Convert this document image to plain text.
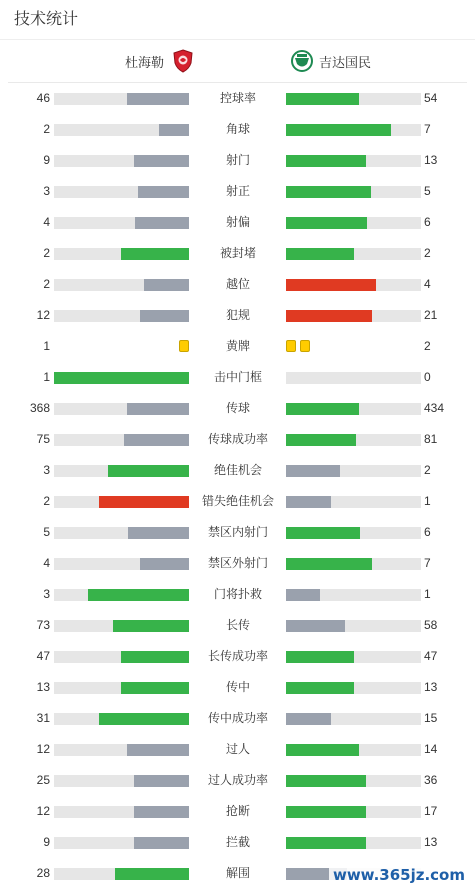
技术统计
杜海勒	吉达国民
46	控球率	54
2	角球	7
9	射门	13
3	射正	5
4	射偏	6
2	被封堵	2
2	越位	4
12	犯规	21
1	黄牌	2
1	击中门框	0
368	传球	434
75	传球成功率	81
3	绝佳机会	2
2	错失绝佳机会	1
5	禁区内射门	6
4	禁区外射门	7
3	门将扑救	1
73	长传	58
47	长传成功率	47
13	传中	13
31	传中成功率	15
12	过人	14
25	过人成功率	36
12	抢断	17
9	拦截	13
28	解围	www.365jz.com
